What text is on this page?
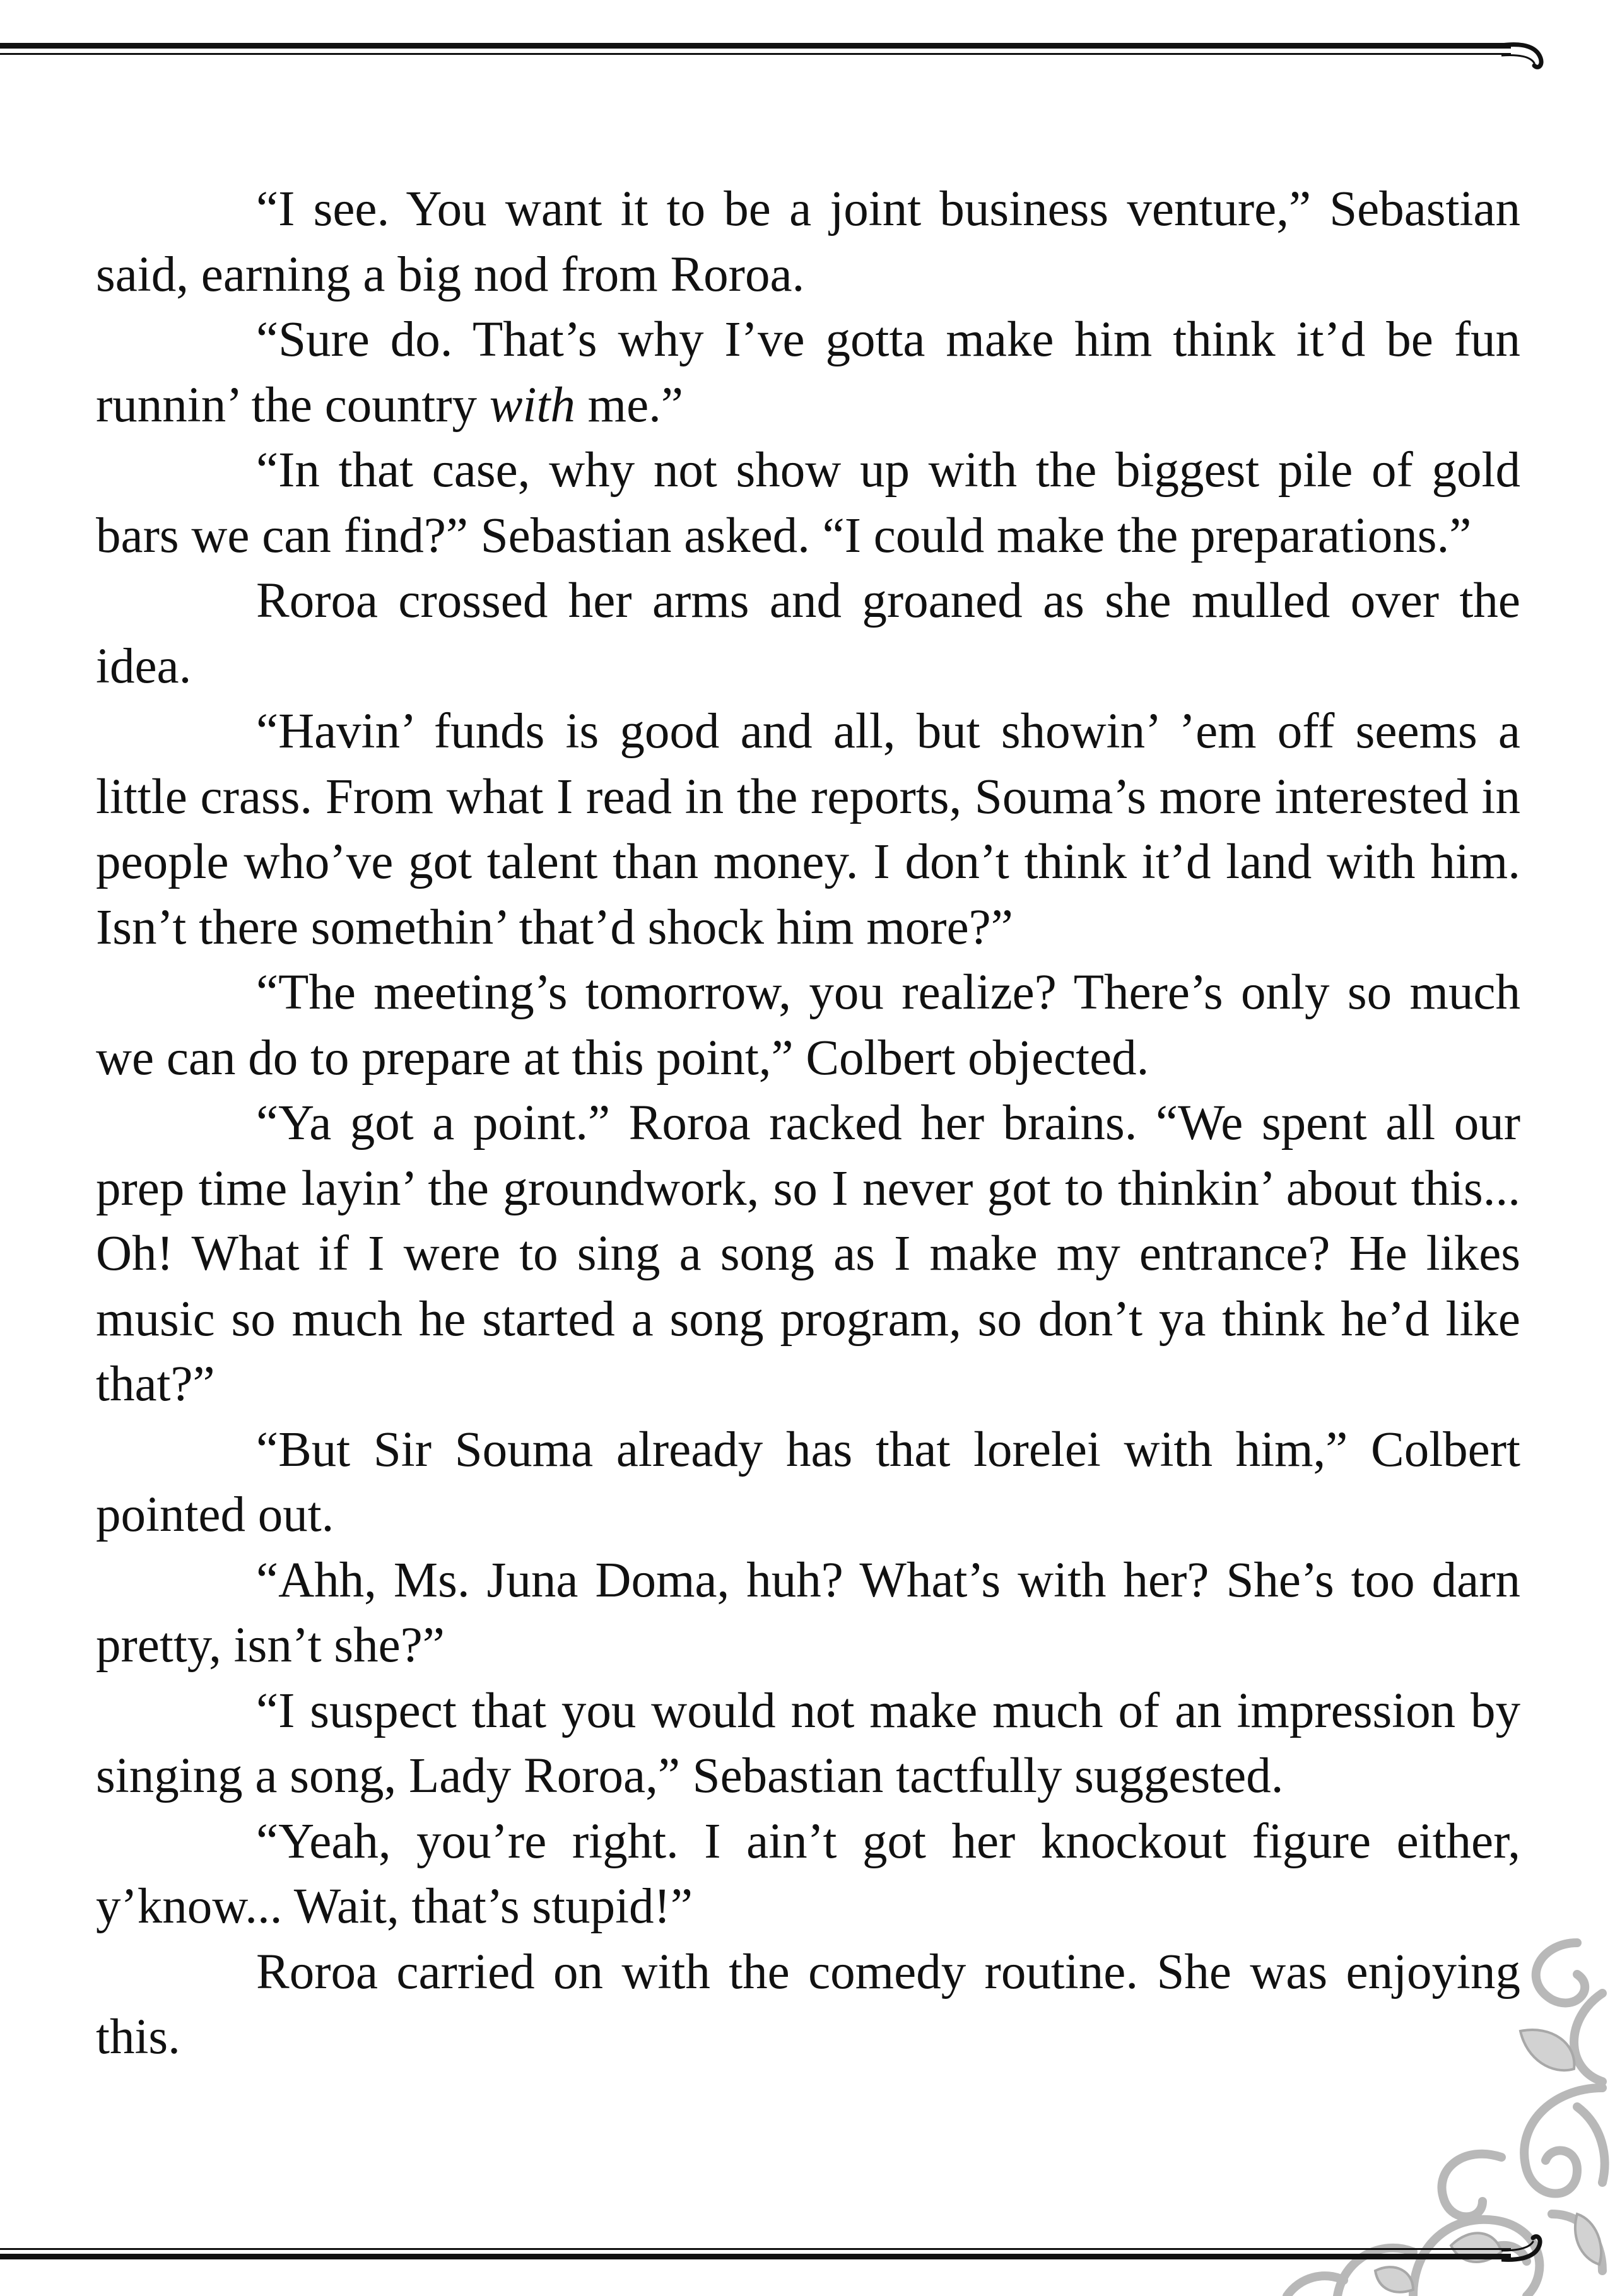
“I see. You want it to be a joint business venture,” Sebastian said, earning a big nod from Roroa.

“Sure do. That’s why I’ve gotta make him think it’d be fun runnin’ the country with me.”

“In that case, why not show up with the biggest pile of gold bars we can find?” Sebastian asked. “I could make the preparations.”

Roroa crossed her arms and groaned as she mulled over the idea.

“Havin’ funds is good and all, but showin’ ’em off seems a little crass. From what I read in the reports, Souma’s more interested in people who’ve got talent than money. I don’t think it’d land with him. Isn’t there somethin’ that’d shock him more?”

“The meeting’s tomorrow, you realize? There’s only so much we can do to prepare at this point,” Colbert objected.

“Ya got a point.” Roroa racked her brains. “We spent all our prep time layin’ the groundwork, so I never got to thinkin’ about this... Oh! What if I were to sing a song as I make my entrance? He likes music so much he started a song program, so don’t ya think he’d like that?”

“But Sir Souma already has that lorelei with him,” Colbert pointed out.

“Ahh, Ms. Juna Doma, huh? What’s with her? She’s too darn pretty, isn’t she?”

“I suspect that you would not make much of an impression by singing a song, Lady Roroa,” Sebastian tactfully suggested.

“Yeah, you’re right. I ain’t got her knockout figure either, y’know... Wait, that’s stupid!”

Roroa carried on with the comedy routine. She was enjoying this.
